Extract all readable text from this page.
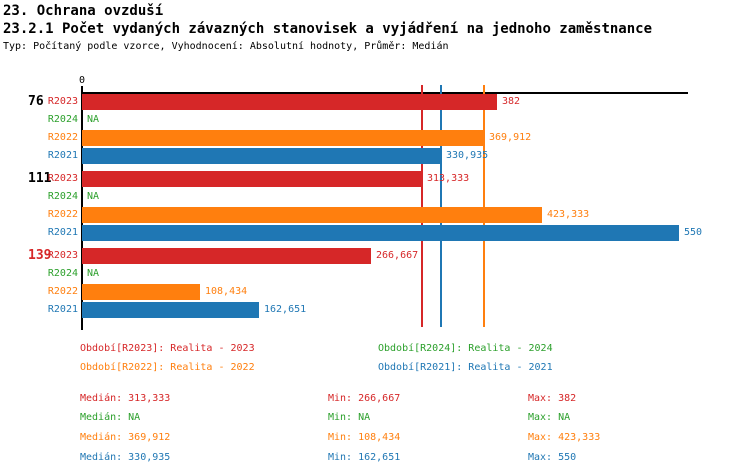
23. Ochrana ovzduší
23.2.1 Počet vydaných závazných stanovisek a vyjádření na jednoho zaměstnance
Typ: Počítaný podle vzorce, Vyhodnocení: Absolutní hodnoty, Průměr: Medián
0
76 R2023	382
R2024 NA
R2022	369,912
R2021	330,935
111
R2023	313,333
R2024 NA
R2022	423,333
R2021	550
139
R2023	266,667
R2024 NA
R2022	108,434
R2021	162,651
Období[R2023]: Realita - 2023	Období[R2024]: Realita - 2024
Období[R2022]: Realita - 2022	Období[R2021]: Realita - 2021
Medián: 313,333	Min: 266,667	Max: 382
Medián: NA	Min: NA	Max: NA
Medián: 369,912	Min: 108,434	Max: 423,333
Medián: 330,935	Min: 162,651	Max: 550
